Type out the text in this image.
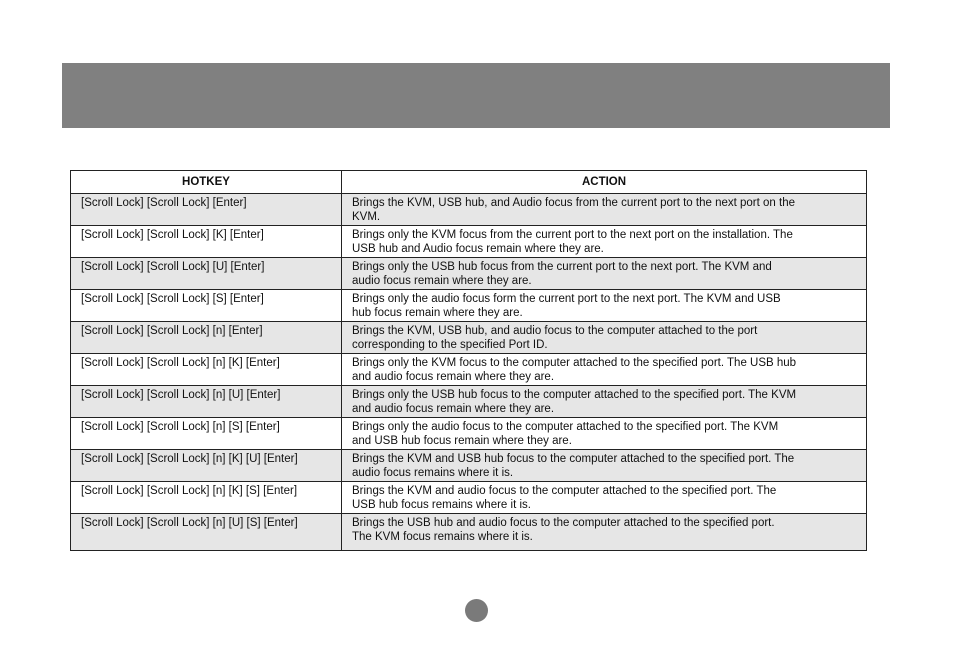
HOTKEY	ACTION
[Scroll Lock] [Scroll Lock] [Enter]	Brings the KVM, USB hub, and Audio focus from the current port to the next port on the
KVM.
[Scroll Lock] [Scroll Lock] [K] [Enter]	Brings only the KVM focus from the current port to the next port on the installation. The
USB hub and Audio focus remain where they are.
[Scroll Lock] [Scroll Lock] [U] [Enter]	Brings only the USB hub focus from the current port to the next port. The KVM and
audio focus remain where they are.
[Scroll Lock] [Scroll Lock] [S] [Enter]	Brings only the audio focus form the current port to the next port. The KVM and USB
hub focus remain where they are.
[Scroll Lock] [Scroll Lock] [n] [Enter]	Brings the KVM, USB hub, and audio focus to the computer attached to the port
corresponding to the specified Port ID.
[Scroll Lock] [Scroll Lock] [n] [K] [Enter]	Brings only the KVM focus to the computer attached to the specified port. The USB hub
and audio focus remain where they are.
[Scroll Lock] [Scroll Lock] [n] [U] [Enter]	Brings only the USB hub focus to the computer attached to the specified port. The KVM
and audio focus remain where they are.
[Scroll Lock] [Scroll Lock] [n] [S] [Enter]	Brings only the audio focus to the computer attached to the specified port. The KVM
and USB hub focus remain where they are.
[Scroll Lock] [Scroll Lock] [n] [K] [U] [Enter]	Brings the KVM and USB hub focus to the computer attached to the specified port. The
audio focus remains where it is.
[Scroll Lock] [Scroll Lock] [n] [K] [S] [Enter]	Brings the KVM and audio focus to the computer attached to the specified port. The
USB hub focus remains where it is.
[Scroll Lock] [Scroll Lock] [n] [U] [S] [Enter]	Brings the USB hub and audio focus to the computer attached to the specified port.
The KVM focus remains where it is.
